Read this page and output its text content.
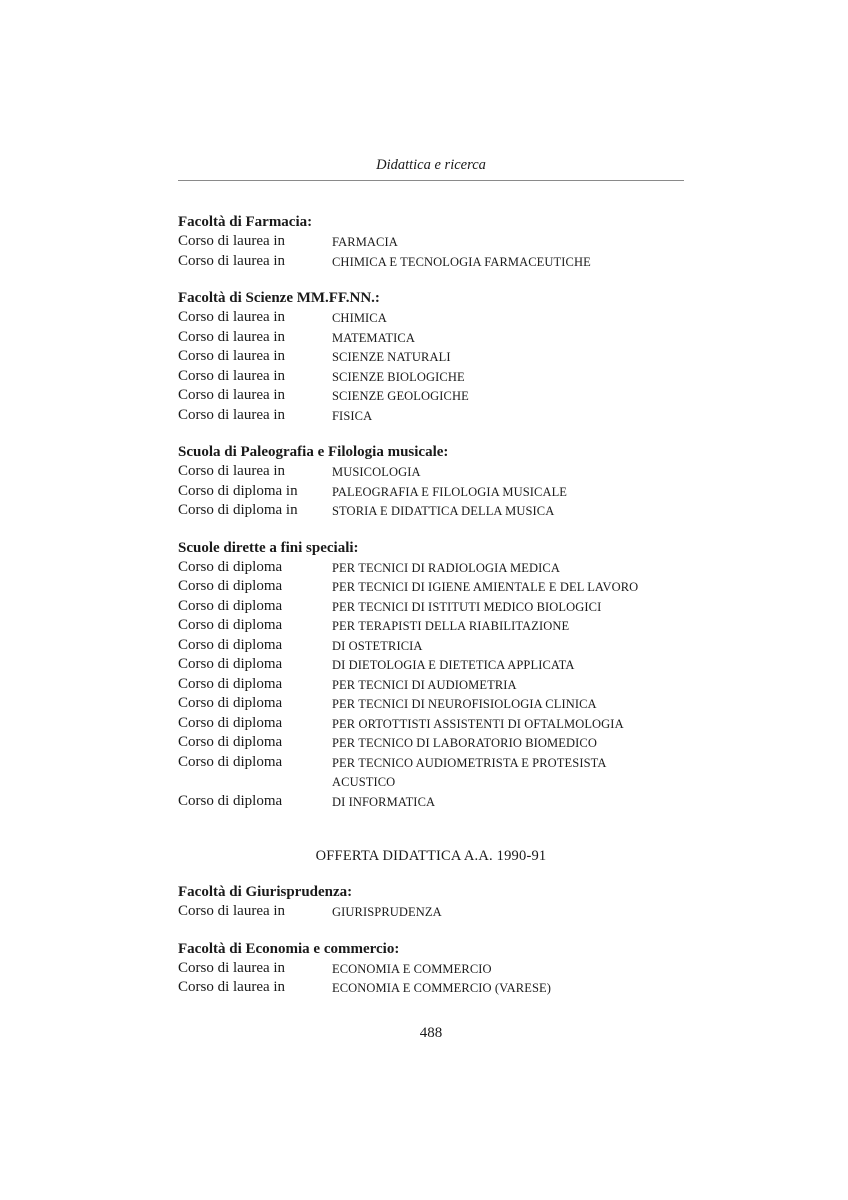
Didattica e ricerca
Facoltà di Farmacia:
Corso di laurea in	FARMACIA
Corso di laurea in	CHIMICA E TECNOLOGIA FARMACEUTICHE
Facoltà di Scienze MM.FF.NN.:
Corso di laurea in	CHIMICA
Corso di laurea in	MATEMATICA
Corso di laurea in	SCIENZE NATURALI
Corso di laurea in	SCIENZE BIOLOGICHE
Corso di laurea in	SCIENZE GEOLOGICHE
Corso di laurea in	FISICA
Scuola di Paleografia e Filologia musicale:
Corso di laurea in	MUSICOLOGIA
Corso di diploma in	PALEOGRAFIA E FILOLOGIA MUSICALE
Corso di diploma in	STORIA E DIDATTICA DELLA MUSICA
Scuole dirette a fini speciali:
Corso di diploma	PER TECNICI DI RADIOLOGIA MEDICA
Corso di diploma	PER TECNICI DI IGIENE AMIENTALE E DEL LAVORO
Corso di diploma	PER TECNICI DI ISTITUTI MEDICO BIOLOGICI
Corso di diploma	PER TERAPISTI DELLA RIABILITAZIONE
Corso di diploma	DI OSTETRICIA
Corso di diploma	DI DIETOLOGIA E DIETETICA APPLICATA
Corso di diploma	PER TECNICI DI AUDIOMETRIA
Corso di diploma	PER TECNICI DI NEUROFISIOLOGIA CLINICA
Corso di diploma	PER ORTOTTISTI ASSISTENTI DI OFTALMOLOGIA
Corso di diploma	PER TECNICO DI LABORATORIO BIOMEDICO
Corso di diploma	PER TECNICO AUDIOMETRISTA E PROTESISTA
ACUSTICO
Corso di diploma	DI INFORMATICA
OFFERTA DIDATTICA A.A. 1990-91
Facoltà di Giurisprudenza:
Corso di laurea in	GIURISPRUDENZA
Facoltà di Economia e commercio:
Corso di laurea in	ECONOMIA E COMMERCIO
Corso di laurea in	ECONOMIA E COMMERCIO (VARESE)
488
